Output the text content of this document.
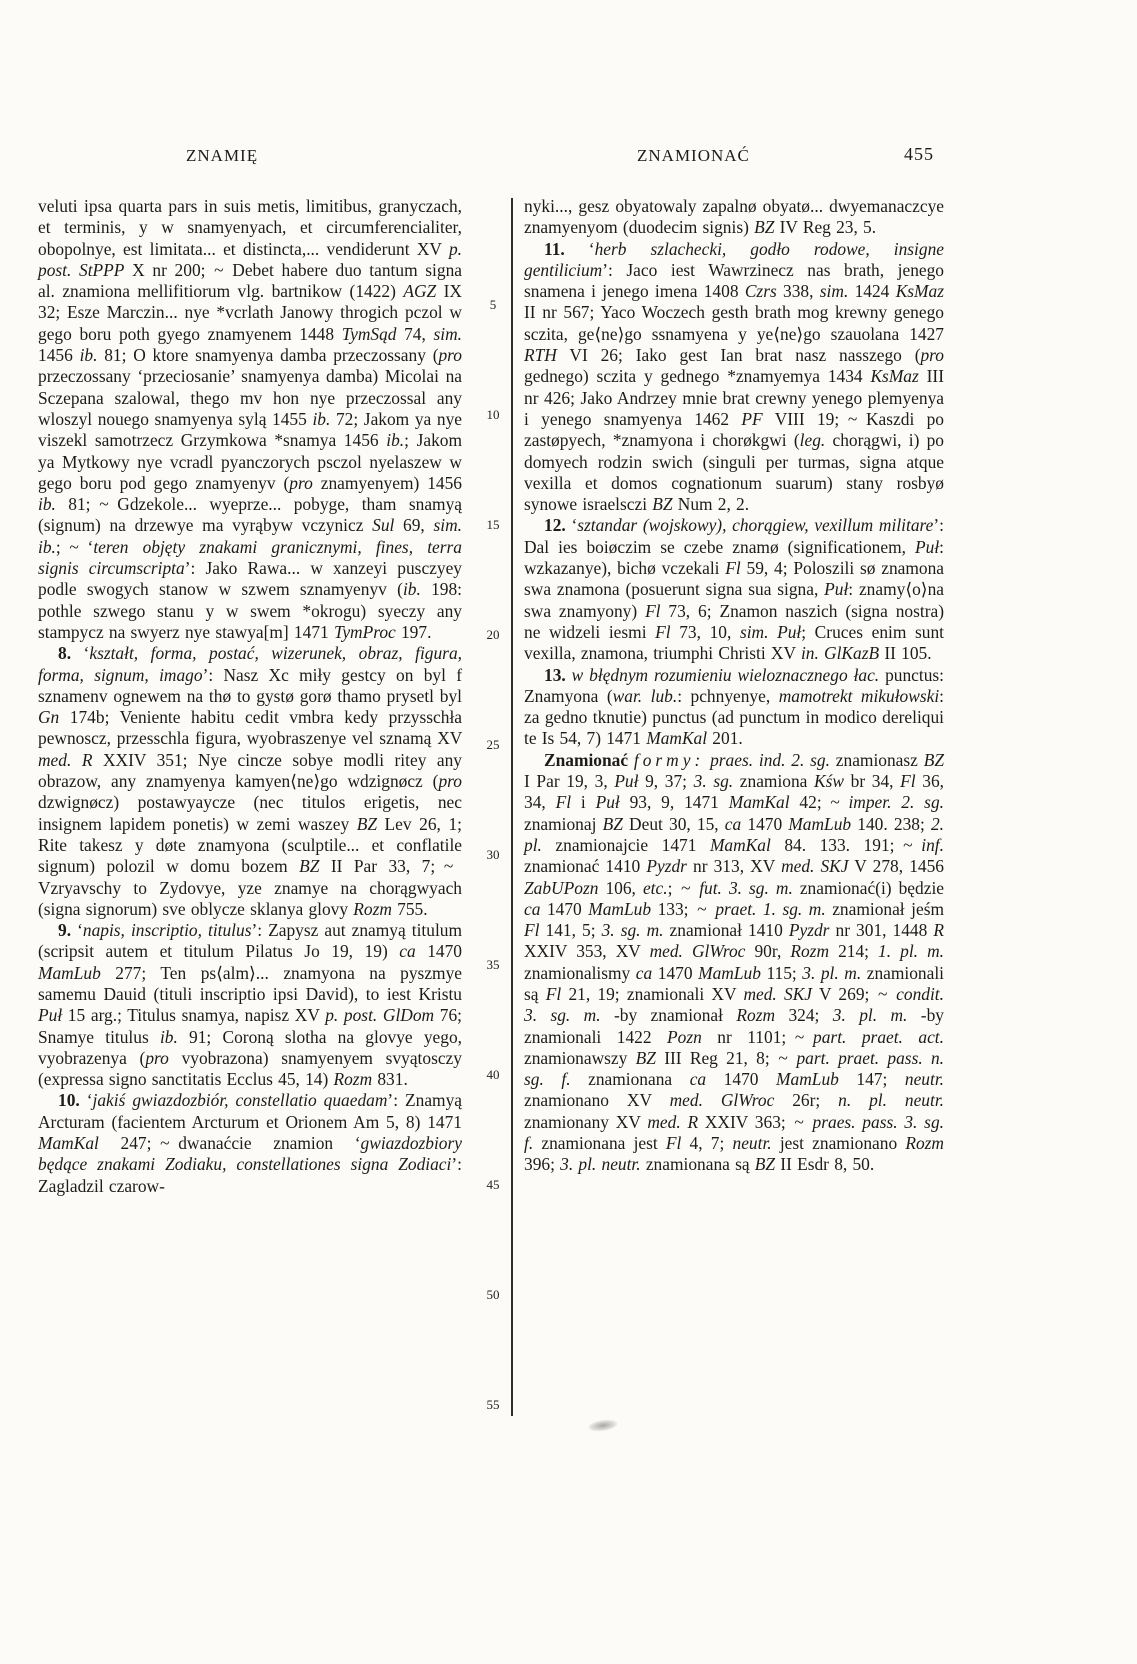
ZNAMIĘ	ZNAMIONAĆ	455

veluti ipsa quarta pars in suis metis, limitibus, granyczach, et terminis, y w snamyenyach, et circumferencialiter, obopolnye, est limitata... et distincta,... vendiderunt XV p. post. StPPP X nr 200; ~ Debet habere duo tantum signa al. znamiona mellifitiorum vlg. bartnikow (1422) AGZ IX 32; Esze Marczin... nye *vcrlath Janowy throgich pczol w gego boru poth gyego znamyenem 1448 TymSąd 74, sim. 1456 ib. 81; O ktore snamyenya damba przeczossany (pro przeczossany ‘przeciosanie’ snamyenya damba) Micolai na Sczepana szalowal, thego mv hon nye przeczossal any wloszyl nouego snamyenya sylą 1455 ib. 72; Jakom ya nye viszekl samotrzecz Grzymkowa *snamya 1456 ib.; Jakom ya Mytkowy nye vcradl pyanczorych psczol nyelaszew w gego boru pod gego znamyenyv (pro znamyenyem) 1456 ib. 81; ~ Gdzekole... wyeprze... pobyge, tham snamyą (signum) na drzewye ma vyrąbyw vczynicz Sul 69, sim. ib.; ~ ‘teren objęty znakami granicznymi, fines, terra signis circumscripta’: Jako Rawa... w xanzeyi pusczyey podle swogych stanow w szwem sznamyenyv (ib. 198: pothle szwego stanu y w swem *okrogu) syeczy any stampycz na swyerz nye stawya[m] 1471 TymProc 197.

8. ‘kształt, forma, postać, wizerunek, obraz, figura, forma, signum, imago’: Nasz Xc miły gestcy on byl f sznamenv ognewem na thø to gystø gorø thamo prysetl byl Gn 174b; Veniente habitu cedit vmbra kedy przysschła pewnoscz, przesschla figura, wyobraszenye vel sznamą XV med. R XXIV 351; Nye cincze sobye modli ritey any obrazow, any znamyenya kamyen⟨ne⟩go wdzignøcz (pro dzwignøcz) postawyaycze (nec titulos erigetis, nec insignem lapidem ponetis) w zemi waszey BZ Lev 26, 1; Rite takesz y døte znamyona (sculptile... et conflatile signum) polozil w domu bozem BZ II Par 33, 7; ~ Vzryavschy to Zydovye, yze znamye na chorągwyach (signa signorum) sve oblycze sklanya glovy Rozm 755.

9. ‘napis, inscriptio, titulus’: Zapysz aut znamyą titulum (scripsit autem et titulum Pilatus Jo 19, 19) ca 1470 MamLub 277; Ten ps⟨alm⟩... znamyona na pyszmye samemu Dauid (tituli inscriptio ipsi David), to iest Kristu Puł 15 arg.; Titulus snamya, napisz XV p. post. GlDom 76; Snamye titulus ib. 91; Coroną slotha na glovye yego, vyobrazenya (pro vyobrazona) snamyenyem svyątosczy (expressa signo sanctitatis Ecclus 45, 14) Rozm 831.

10. ‘jakiś gwiazdozbiór, constellatio quaedam’: Znamyą Arcturam (facientem Arcturum et Orionem Am 5, 8) 1471 MamKal 247; ~ dwanaćcie znamion ‘gwiazdozbiory będące znakami Zodiaku, constellationes signa Zodiaci’: Zagladzil czarow-

5
10
15
20
25
30
35
40
45
50
55

nyki..., gesz obyatowaly zapalnø obyatø... dwyemanaczcye znamyenyom (duodecim signis) BZ IV Reg 23, 5.

11. ‘herb szlachecki, godło rodowe, insigne gentilicium’: Jaco iest Wawrzinecz nas brath, jenego snamena i jenego imena 1408 Czrs 338, sim. 1424 KsMaz II nr 567; Yaco Woczech gesth brath mog krewny genego sczita, ge⟨ne⟩go ssnamyena y ye⟨ne⟩go szauolana 1427 RTH VI 26; Iako gest Ian brat nasz nasszego (pro gednego) sczita y gednego *znamyemya 1434 KsMaz III nr 426; Jako Andrzey mnie brat crewny yenego plemyenya i yenego snamyenya 1462 PF VIII 19; ~ Kaszdi po zastøpyech, *znamyona i chorøkgwi (leg. chorągwi, i) po domyech rodzin swich (singuli per turmas, signa atque vexilla et domos cognationum suarum) stany rosbyø synowe israelsczi BZ Num 2, 2.

12. ‘sztandar (wojskowy), chorągiew, vexillum militare’: Dal ies boiøczim se czebe znamø (significationem, Puł: wzkazanye), bichø vczekali Fl 59, 4; Poloszili sø znamona swa znamona (posuerunt signa sua signa, Puł: znamy⟨o⟩na swa znamyony) Fl 73, 6; Znamon naszich (signa nostra) ne widzeli iesmi Fl 73, 10, sim. Puł; Cruces enim sunt vexilla, znamona, triumphi Christi XV in. GlKazB II 105.

13. w błędnym rozumieniu wieloznacznego łac. punctus: Znamyona (war. lub.: pchnyenye, mamotrekt mikułowski: za gedno tknutie) punctus (ad punctum in modico dereliqui te Is 54, 7) 1471 MamKal 201.

Znamionać formy: praes. ind. 2. sg. znamionasz BZ I Par 19, 3, Puł 9, 37; 3. sg. znamiona Kśw br 34, Fl 36, 34, Fl i Puł 93, 9, 1471 MamKal 42; ~ imper. 2. sg. znamionaj BZ Deut 30, 15, ca 1470 MamLub 140. 238; 2. pl. znamionajcie 1471 MamKal 84. 133. 191; ~ inf. znamionać 1410 Pyzdr nr 313, XV med. SKJ V 278, 1456 ZabUPozn 106, etc.; ~ fut. 3. sg. m. znamionać(i) będzie ca 1470 MamLub 133; ~ praet. 1. sg. m. znamionał jeśm Fl 141, 5; 3. sg. m. znamionał 1410 Pyzdr nr 301, 1448 R XXIV 353, XV med. GlWroc 90r, Rozm 214; 1. pl. m. znamionalismy ca 1470 MamLub 115; 3. pl. m. znamionali są Fl 21, 19; znamionali XV med. SKJ V 269; ~ condit. 3. sg. m. -by znamionał Rozm 324; 3. pl. m. -by znamionali 1422 Pozn nr 1101; ~ part. praet. act. znamionawszy BZ III Reg 21, 8; ~ part. praet. pass. n. sg. f. znamionana ca 1470 MamLub 147; neutr. znamionano XV med. GlWroc 26r; n. pl. neutr. znamionany XV med. R XXIV 363; ~ praes. pass. 3. sg. f. znamionana jest Fl 4, 7; neutr. jest znamionano Rozm 396; 3. pl. neutr. znamionana są BZ II Esdr 8, 50.
